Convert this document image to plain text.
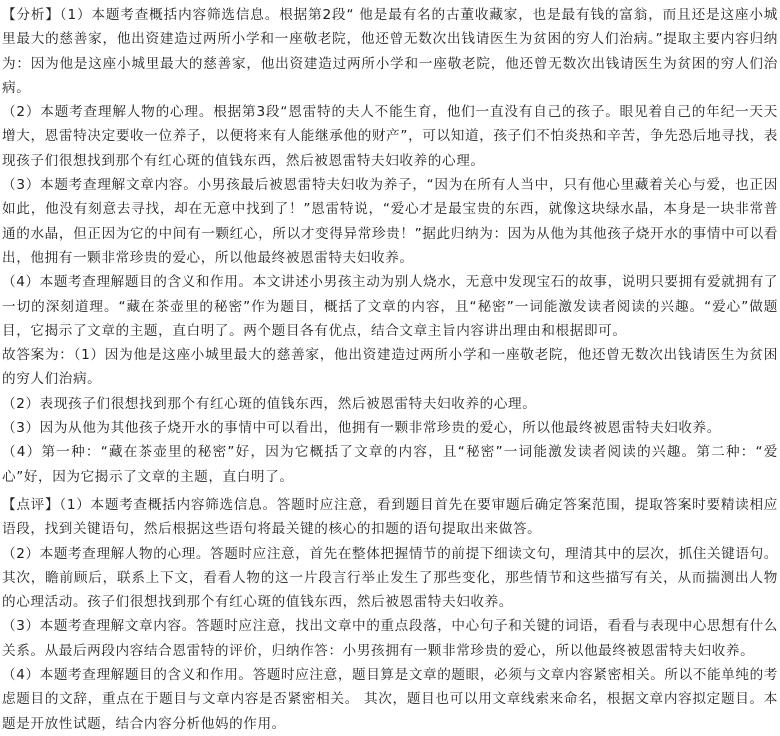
【分析】（1）本题考查概括内容筛选信息。根据第2段“ 他是最有名的古董收藏家，也是最有钱的富翁，而且还是这座小城里最大的慈善家，他出资建造过两所小学和一座敬老院，他还曾无数次出钱请医生为贫困的穷人们治病。”提取主要内容归纳为：因为他是这座小城里最大的慈善家，他出资建造过两所小学和一座敬老院，他还曾无数次出钱请医生为贫困的穷人们治病。
（2）本题考查理解人物的心理。根据第3段“恩雷特的夫人不能生育，他们一直没有自己的孩子。眼见着自己的年纪一天天增大，恩雷特决定要收一位养子，以便将来有人能继承他的财产”，可以知道，孩子们不怕炎热和辛苦，争先恐后地寻找，表现孩子们很想找到那个有红心斑的值钱东西，然后被恩雷特夫妇收养的心理。
（3）本题考查理解文章内容。小男孩最后被恩雷特夫妇收为养子，“因为在所有人当中，只有他心里藏着关心与爱，也正因如此，他没有刻意去寻找，却在无意中找到了！”恩雷特说，“爱心才是最宝贵的东西，就像这块绿水晶，本身是一块非常普通的水晶，但正因为它的中间有一颗红心，所以才变得异常珍贵！”据此归纳为：因为从他为其他孩子烧开水的事情中可以看出，他拥有一颗非常珍贵的爱心，所以他最终被恩雷特夫妇收养。
（4）本题考查理解题目的含义和作用。本文讲述小男孩主动为别人烧水，无意中发现宝石的故事，说明只要拥有爱就拥有了一切的深刻道理。“藏在茶壶里的秘密”作为题目，概括了文章的内容，且“秘密”一词能激发读者阅读的兴趣。“爱心”做题目，它揭示了文章的主题，直白明了。两个题目各有优点，结合文章主旨内容讲出理由和根据即可。
故答案为：（1）因为他是这座小城里最大的慈善家，他出资建造过两所小学和一座敬老院，他还曾无数次出钱请医生为贫困的穷人们治病。
（2）表现孩子们很想找到那个有红心斑的值钱东西，然后被恩雷特夫妇收养的心理。
（3）因为从他为其他孩子烧开水的事情中可以看出，他拥有一颗非常珍贵的爱心，所以他最终被恩雷特夫妇收养。
（4）第一种：“藏在茶壶里的秘密”好，因为它概括了文章的内容，且“秘密”一词能激发读者阅读的兴趣。第二种：“爱心”好，因为它揭示了文章的主题，直白明了。
【点评】（1）本题考查概括内容筛选信息。答题时应注意，看到题目首先在要审题后确定答案范围，提取答案时要精读相应语段，找到关键语句，然后根据这些语句将最关键的核心的扣题的语句提取出来做答。
（2）本题考查理解人物的心理。答题时应注意，首先在整体把握情节的前提下细读文句，理清其中的层次，抓住关键语句。其次，瞻前顾后，联系上下文，看看人物的这一片段言行举止发生了那些变化，那些情节和这些描写有关，从而揣测出人物的心理活动。孩子们很想找到那个有红心斑的值钱东西，然后被恩雷特夫妇收养。
（3）本题考查理解文章内容。答题时应注意，找出文章中的重点段落，中心句子和关键的词语，看看与表现中心思想有什么关系。从最后两段内容结合恩雷特的评价，归纳作答：小男孩拥有一颗非常珍贵的爱心，所以他最终被恩雷特夫妇收养。
（4）本题考查理解题目的含义和作用。答题时应注意，题目算是文章的题眼，必须与文章内容紧密相关。所以不能单纯的考虑题目的文辞，重点在于题目与文章内容是否紧密相关。 其次，题目也可以用文章线索来命名，根据文章内容拟定题目。本题是开放性试题，结合内容分析他妈的作用。
